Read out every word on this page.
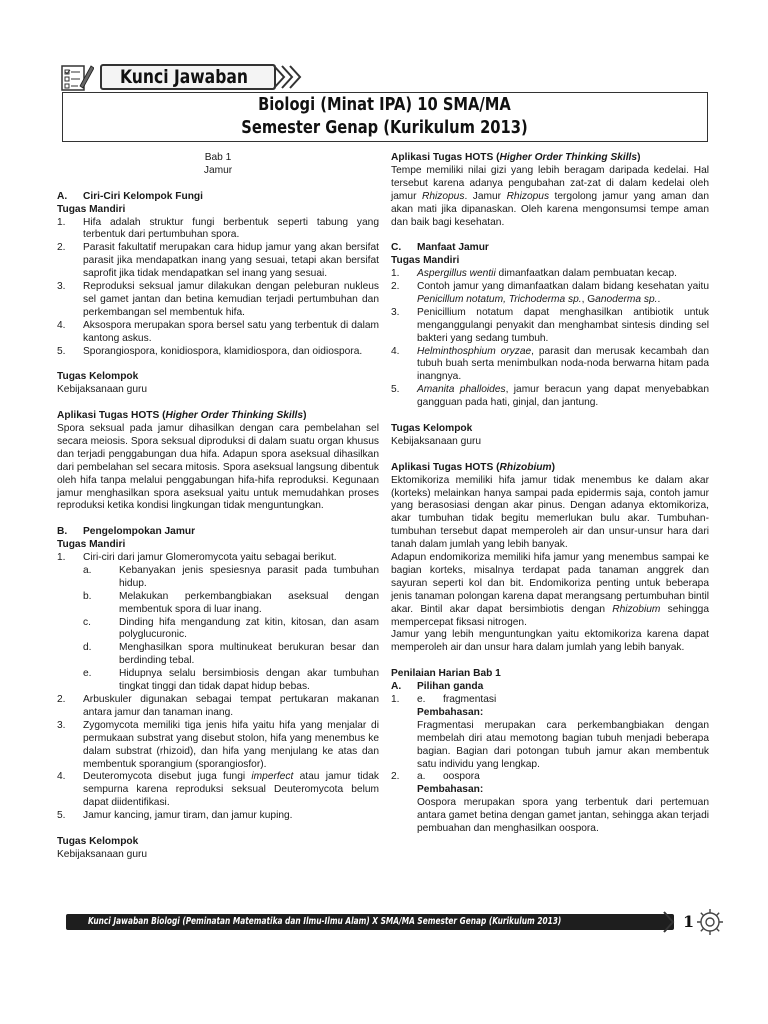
Kunci Jawaban
Biologi (Minat IPA) 10 SMA/MA
Semester Genap (Kurikulum 2013)

Bab 1

Jamur

A.	Ciri-Ciri Kelompok Fungi

Tugas Mandiri

1.	Hifa adalah struktur fungi berbentuk seperti tabung yang terbentuk dari pertumbuhan spora.
2.	Parasit fakultatif merupakan cara hidup jamur yang akan bersifat parasit jika mendapatkan inang yang sesuai, tetapi akan bersifat saprofit jika tidak mendapatkan sel inang yang sesuai.
3.	Reproduksi seksual jamur dilakukan dengan peleburan nukleus sel gamet jantan dan betina kemudian terjadi pertumbuhan dan perkembangan sel membentuk hifa.
4.	Aksospora merupakan spora bersel satu yang terbentuk di dalam kantong askus.
5.	Sporangiospora, konidiospora, klamidiospora, dan oidiospora.

Tugas Kelompok

Kebijaksanaan guru

Aplikasi Tugas HOTS (Higher Order Thinking Skills)

Spora seksual pada jamur dihasilkan dengan cara pembelahan sel secara meiosis. Spora seksual diproduksi di dalam suatu organ khusus dan terjadi penggabungan dua hifa. Adapun spora aseksual dihasilkan dari pembelahan sel secara mitosis. Spora aseksual langsung dibentuk oleh hifa tanpa melalui penggabungan hifa-hifa reproduksi. Kegunaan jamur menghasilkan spora aseksual yaitu untuk memudahkan proses reproduksi ketika kondisi lingkungan tidak menguntungkan.

B.	Pengelompokan Jamur

Tugas Mandiri

1.	Ciri-ciri dari jamur Glomeromycota yaitu sebagai berikut.
a.	Kebanyakan jenis spesiesnya parasit pada tumbuhan hidup.
b.	Melakukan perkembangbiakan aseksual dengan membentuk spora di luar inang.
c.	Dinding hifa mengandung zat kitin, kitosan, dan asam polyglucuronic.
d.	Menghasilkan spora multinukeat berukuran besar dan berdinding tebal.
e.	Hidupnya selalu bersimbiosis dengan akar tumbuhan tingkat tinggi dan tidak dapat hidup bebas.
2.	Arbuskuler digunakan sebagai tempat pertukaran makanan antara jamur dan tanaman inang.
3.	Zygomycota memiliki tiga jenis hifa yaitu hifa yang menjalar di permukaan substrat yang disebut stolon, hifa yang menembus ke dalam substrat (rhizoid), dan hifa yang menjulang ke atas dan membentuk sporangium (sporangiosfor).
4.	Deuteromycota disebut juga fungi imperfect atau jamur tidak sempurna karena reproduksi seksual Deuteromycota belum dapat diidentifikasi.
5.	Jamur kancing, jamur tiram, dan jamur kuping.

Tugas Kelompok

Kebijaksanaan guru

Aplikasi Tugas HOTS (Higher Order Thinking Skills)

Tempe memiliki nilai gizi yang lebih beragam daripada kedelai. Hal tersebut karena adanya pengubahan zat-zat di dalam kedelai oleh jamur Rhizopus. Jamur Rhizopus tergolong jamur yang aman dan akan mati jika dipanaskan. Oleh karena mengonsumsi tempe aman dan baik bagi kesehatan.

C.	Manfaat Jamur

Tugas Mandiri

1.	Aspergillus wentii dimanfaatkan dalam pembuatan kecap.
2.	Contoh jamur yang dimanfaatkan dalam bidang kesehatan yaitu Penicillum notatum, Trichoderma sp., Ganoderma sp..
3.	Penicillium notatum dapat menghasilkan antibiotik untuk menganggulangi penyakit dan menghambat sintesis dinding sel bakteri yang sedang tumbuh.
4.	Helminthosphium oryzae, parasit dan merusak kecambah dan tubuh buah serta menimbulkan noda-noda berwarna hitam pada inangnya.
5.	Amanita phalloides, jamur beracun yang dapat menyebabkan gangguan pada hati, ginjal, dan jantung.

Tugas Kelompok

Kebijaksanaan guru

Aplikasi Tugas HOTS (Rhizobium)

Ektomikoriza memiliki hifa jamur tidak menembus ke dalam akar (korteks) melainkan hanya sampai pada epidermis saja, contoh jamur yang berasosiasi dengan akar pinus. Dengan adanya ektomikoriza, akar tumbuhan tidak begitu memerlukan bulu akar. Tumbuhan-tumbuhan tersebut dapat memperoleh air dan unsur-unsur hara dari tanah dalam jumlah yang lebih banyak.

Adapun endomikoriza memiliki hifa jamur yang menembus sampai ke bagian korteks, misalnya terdapat pada tanaman anggrek dan sayuran seperti kol dan bit. Endomikoriza penting untuk beberapa jenis tanaman polongan karena dapat merangsang pertumbuhan bintil akar. Bintil akar dapat bersimbiotis dengan Rhizobium sehingga mempercepat fiksasi nitrogen.

Jamur yang lebih menguntungkan yaitu ektomikoriza karena dapat memperoleh air dan unsur hara dalam jumlah yang lebih banyak.

Penilaian Harian Bab 1

A.	Pilihan ganda
1.	e.	fragmentasi

Pembahasan:

Fragmentasi merupakan cara perkembangbiakan dengan membelah diri atau memotong bagian tubuh menjadi beberapa bagian. Bagian dari potongan tubuh jamur akan membentuk satu individu yang lengkap.

2.	a.	oospora

Pembahasan:

Oospora merupakan spora yang terbentuk dari pertemuan antara gamet betina dengan gamet jantan, sehingga akan terjadi pembuahan dan menghasilkan oospora.

Kunci Jawaban Biologi (Peminatan Matematika dan Ilmu-Ilmu Alam) X SMA/MA Semester Genap (Kurikulum 2013)	1
